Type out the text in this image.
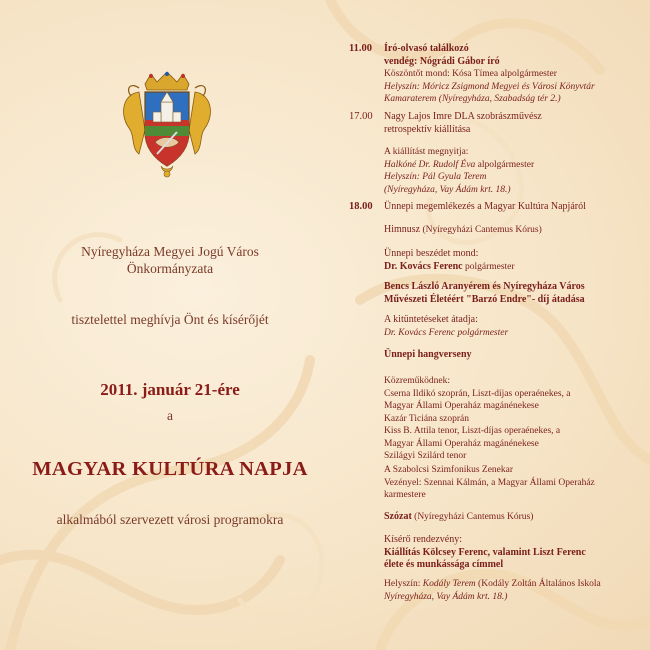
Nyíregyháza Megyei Jogú Város
Önkormányzata
tisztelettel meghívja Önt és kísérőjét
2011. január 21-ére
a
MAGYAR KULTÚRA NAPJA
alkalmából szervezett városi programokra
11.00 Író-olvasó találkozó
vendég: Nógrádi Gábor író
Köszöntőt mond: Kósa Tímea alpolgármester
Helyszín: Móricz Zsigmond Megyei és Városi Könyvtár
Kamaraterem (Nyíregyháza, Szabadság tér 2.)
17.00 Nagy Lajos Imre DLA szobrászművész
retrospektív kiállítása
A kiállítást megnyitja:
Halkóné Dr. Rudolf Éva alpolgármester
Helyszín: Pál Gyula Terem
(Nyíregyháza, Vay Ádám krt. 18.)
18.00 Ünnepi megemlékezés a Magyar Kultúra Napjáról
Himnusz (Nyíregyházi Cantemus Kórus)
Ünnepi beszédet mond:
Dr. Kovács Ferenc polgármester
Bencs László Aranyérem és Nyíregyháza Város
Művészeti Életéért "Barzó Endre"- díj átadása
A kitüntetéseket átadja:
Dr. Kovács Ferenc polgármester
Ünnepi hangverseny
Közreműködnek:
Cserna Ildikó szoprán, Liszt-díjas operaénekes, a
Magyar Állami Operaház magánénekese
Kazár Ticiána szoprán
Kiss B. Attila tenor, Liszt-díjas operaénekes, a
Magyar Állami Operaház magánénekese
Szilágyi Szilárd tenor
A Szabolcsi Szimfonikus Zenekar
Vezényel: Szennai Kálmán, a Magyar Állami Operaház
karmestere
Szózat (Nyíregyházi Cantemus Kórus)
Kísérő rendezvény:
Kiállítás Kölcsey Ferenc, valamint Liszt Ferenc
élete és munkássága címmel
Helyszín: Kodály Terem (Kodály Zoltán Általános Iskola
Nyíregyháza, Vay Ádám krt. 18.)
